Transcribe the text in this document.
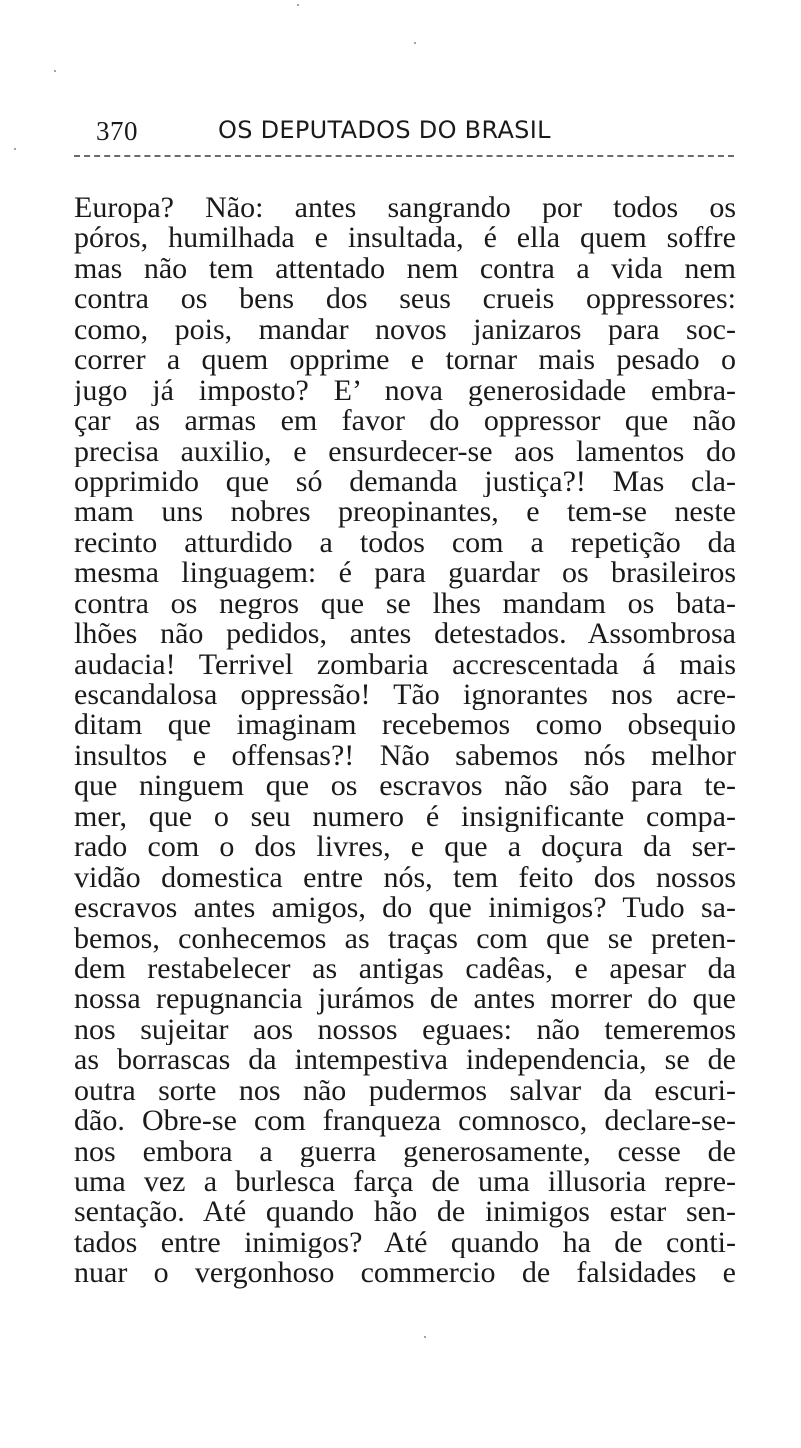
370	OS DEPUTADOS DO BRASIL
Europa? Não: antes sangrando por todos os
póros, humilhada e insultada, é ella quem soffre
mas não tem attentado nem contra a vida nem
contra os bens dos seus crueis oppressores:
como, pois, mandar novos janizaros para soc-
correr a quem opprime e tornar mais pesado o
jugo já imposto? E’ nova generosidade embra-
çar as armas em favor do oppressor que não
precisa auxilio, e ensurdecer-se aos lamentos do
opprimido que só demanda justiça?! Mas cla-
mam uns nobres preopinantes, e tem-se neste
recinto atturdido a todos com a repetição da
mesma linguagem: é para guardar os brasileiros
contra os negros que se lhes mandam os bata-
lhões não pedidos, antes detestados. Assombrosa
audacia! Terrivel zombaria accrescentada á mais
escandalosa oppressão! Tão ignorantes nos acre-
ditam que imaginam recebemos como obsequio
insultos e offensas?! Não sabemos nós melhor
que ninguem que os escravos não são para te-
mer, que o seu numero é insignificante compa-
rado com o dos livres, e que a doçura da ser-
vidão domestica entre nós, tem feito dos nossos
escravos antes amigos, do que inimigos? Tudo sa-
bemos, conhecemos as traças com que se preten-
dem restabelecer as antigas cadêas, e apesar da
nossa repugnancia jurámos de antes morrer do que
nos sujeitar aos nossos eguaes: não temeremos
as borrascas da intempestiva independencia, se de
outra sorte nos não pudermos salvar da escuri-
dão. Obre-se com franqueza comnosco, declare-se-
nos embora a guerra generosamente, cesse de
uma vez a burlesca farça de uma illusoria repre-
sentação. Até quando hão de inimigos estar sen-
tados entre inimigos? Até quando ha de conti-
nuar o vergonhoso commercio de falsidades e
